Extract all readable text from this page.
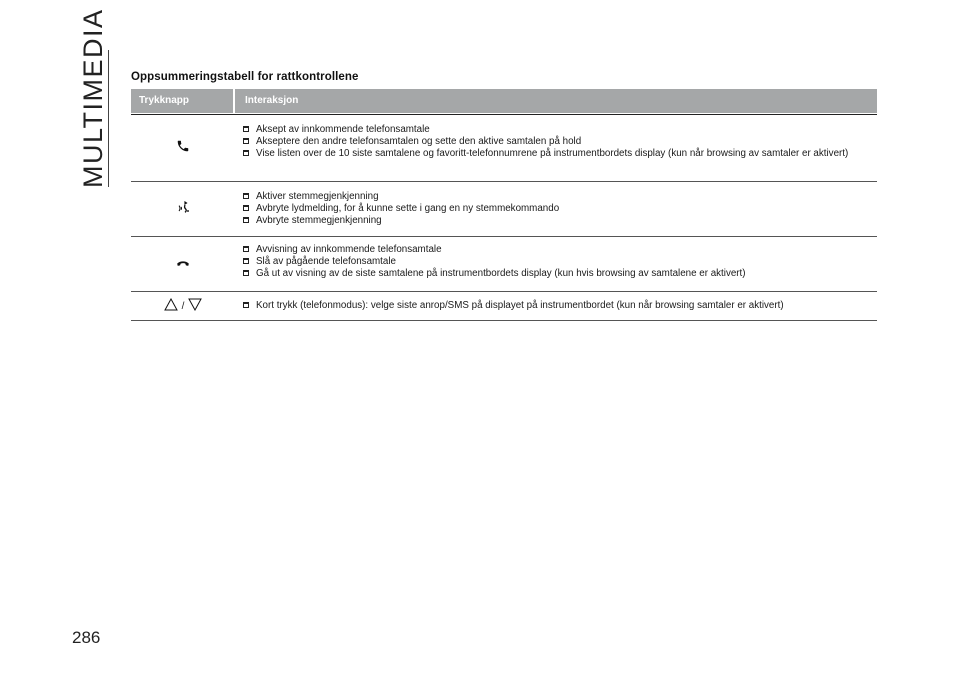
MULTIMEDIA Oppsummeringstabell for rattkontrollene
Trykknapp	Interaksjon
Aksept av innkommende telefonsamtale
Akseptere den andre telefonsamtalen og sette den aktive samtalen på hold
Vise listen over de 10 siste samtalene og favoritt-telefonnumrene på instrumentbordets display (kun når browsing av samtaler er aktivert)
Aktiver stemmegjenkjenning
Avbryte lydmelding, for å kunne sette i gang en ny stemmekommando
Avbryte stemmegjenkjenning
Avvisning av innkommende telefonsamtale
Slå av pågående telefonsamtale
Gå ut av visning av de siste samtalene på instrumentbordets display (kun hvis browsing av samtalene er aktivert)
/	Kort trykk (telefonmodus): velge siste anrop/SMS på displayet på instrumentbordet (kun når browsing samtaler er aktivert)
286
